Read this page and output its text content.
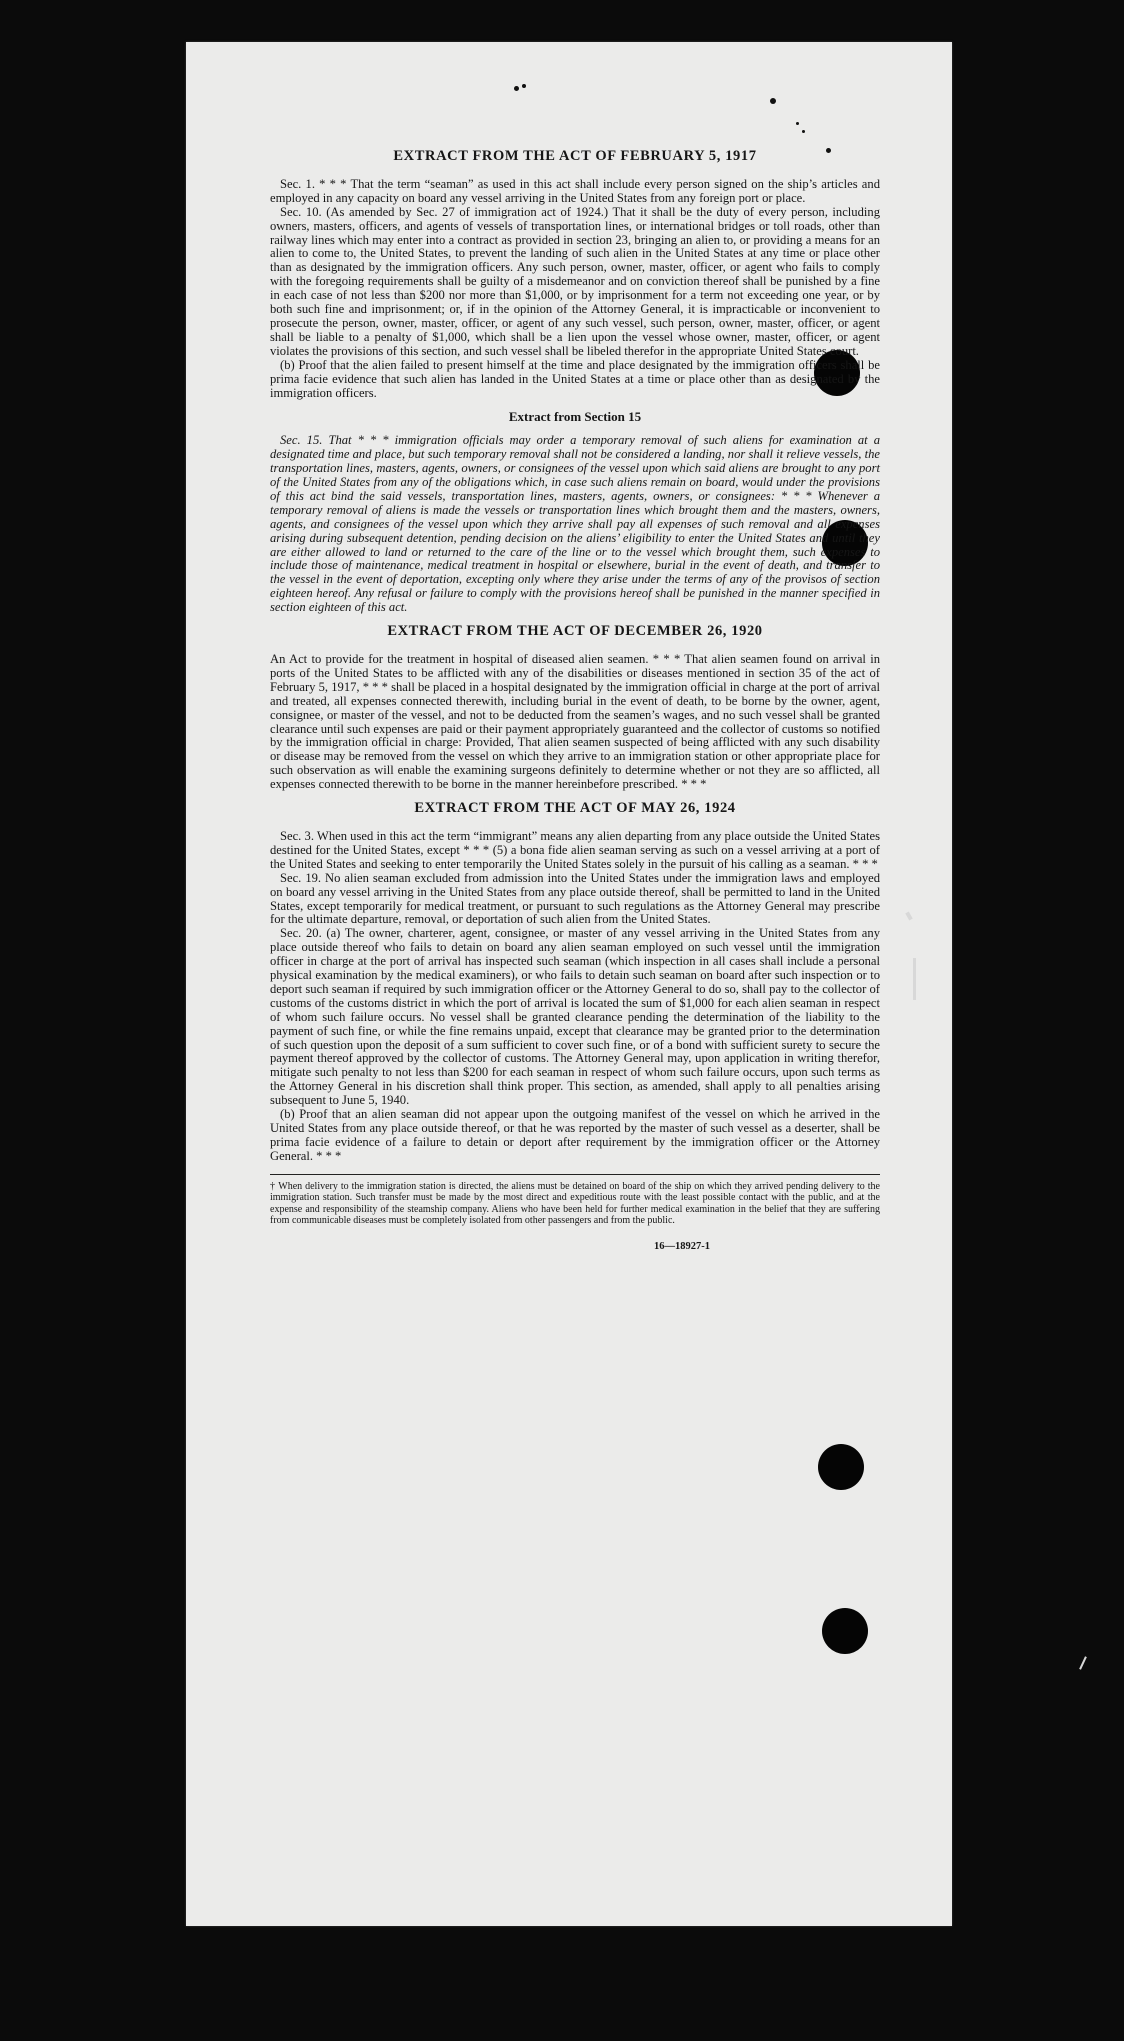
EXTRACT FROM THE ACT OF FEBRUARY 5, 1917

Sec. 1. * * * That the term “seaman” as used in this act shall include every person signed on the ship’s articles and employed in any capacity on board any vessel arriving in the United States from any foreign port or place.

Sec. 10. (As amended by Sec. 27 of immigration act of 1924.) That it shall be the duty of every person, including owners, masters, officers, and agents of vessels of transportation lines, or international bridges or toll roads, other than railway lines which may enter into a contract as provided in section 23, bringing an alien to, or providing a means for an alien to come to, the United States, to prevent the landing of such alien in the United States at any time or place other than as designated by the immigration officers. Any such person, owner, master, officer, or agent who fails to comply with the foregoing requirements shall be guilty of a misdemeanor and on conviction thereof shall be punished by a fine in each case of not less than $200 nor more than $1,000, or by imprisonment for a term not exceeding one year, or by both such fine and imprisonment; or, if in the opinion of the Attorney General, it is impracticable or inconvenient to prosecute the person, owner, master, officer, or agent of any such vessel, such person, owner, master, officer, or agent shall be liable to a penalty of $1,000, which shall be a lien upon the vessel whose owner, master, officer, or agent violates the provisions of this section, and such vessel shall be libeled therefor in the appropriate United States court.

(b) Proof that the alien failed to present himself at the time and place designated by the immigration officers shall be prima facie evidence that such alien has landed in the United States at a time or place other than as designated by the immigration officers.

Extract from Section 15

Sec. 15. That * * * immigration officials may order a temporary removal of such aliens for examination at a designated time and place, but such temporary removal shall not be considered a landing, nor shall it relieve vessels, the transportation lines, masters, agents, owners, or consignees of the vessel upon which said aliens are brought to any port of the United States from any of the obligations which, in case such aliens remain on board, would under the provisions of this act bind the said vessels, transportation lines, masters, agents, owners, or consignees: * * * Whenever a temporary removal of aliens is made the vessels or transportation lines which brought them and the masters, owners, agents, and consignees of the vessel upon which they arrive shall pay all expenses of such removal and all expenses arising during subsequent detention, pending decision on the aliens’ eligibility to enter the United States and until they are either allowed to land or returned to the care of the line or to the vessel which brought them, such expenses to include those of maintenance, medical treatment in hospital or elsewhere, burial in the event of death, and transfer to the vessel in the event of deportation, excepting only where they arise under the terms of any of the provisos of section eighteen hereof. Any refusal or failure to comply with the provisions hereof shall be punished in the manner specified in section eighteen of this act.

EXTRACT FROM THE ACT OF DECEMBER 26, 1920

An Act to provide for the treatment in hospital of diseased alien seamen. * * * That alien seamen found on arrival in ports of the United States to be afflicted with any of the disabilities or diseases mentioned in section 35 of the act of February 5, 1917, * * * shall be placed in a hospital designated by the immigration official in charge at the port of arrival and treated, all expenses connected therewith, including burial in the event of death, to be borne by the owner, agent, consignee, or master of the vessel, and not to be deducted from the seamen’s wages, and no such vessel shall be granted clearance until such expenses are paid or their payment appropriately guaranteed and the collector of customs so notified by the immigration official in charge: Provided, That alien seamen suspected of being afflicted with any such disability or disease may be removed from the vessel on which they arrive to an immigration station or other appropriate place for such observation as will enable the examining surgeons definitely to determine whether or not they are so afflicted, all expenses connected therewith to be borne in the manner hereinbefore prescribed. * * *

EXTRACT FROM THE ACT OF MAY 26, 1924

Sec. 3. When used in this act the term “immigrant” means any alien departing from any place outside the United States destined for the United States, except * * * (5) a bona fide alien seaman serving as such on a vessel arriving at a port of the United States and seeking to enter temporarily the United States solely in the pursuit of his calling as a seaman. * * *

Sec. 19. No alien seaman excluded from admission into the United States under the immigration laws and employed on board any vessel arriving in the United States from any place outside thereof, shall be permitted to land in the United States, except temporarily for medical treatment, or pursuant to such regulations as the Attorney General may prescribe for the ultimate departure, removal, or deportation of such alien from the United States.

Sec. 20. (a) The owner, charterer, agent, consignee, or master of any vessel arriving in the United States from any place outside thereof who fails to detain on board any alien seaman employed on such vessel until the immigration officer in charge at the port of arrival has inspected such seaman (which inspection in all cases shall include a personal physical examination by the medical examiners), or who fails to detain such seaman on board after such inspection or to deport such seaman if required by such immigration officer or the Attorney General to do so, shall pay to the collector of customs of the customs district in which the port of arrival is located the sum of $1,000 for each alien seaman in respect of whom such failure occurs. No vessel shall be granted clearance pending the determination of the liability to the payment of such fine, or while the fine remains unpaid, except that clearance may be granted prior to the determination of such question upon the deposit of a sum sufficient to cover such fine, or of a bond with sufficient surety to secure the payment thereof approved by the collector of customs. The Attorney General may, upon application in writing therefor, mitigate such penalty to not less than $200 for each seaman in respect of whom such failure occurs, upon such terms as the Attorney General in his discretion shall think proper. This section, as amended, shall apply to all penalties arising subsequent to June 5, 1940.

(b) Proof that an alien seaman did not appear upon the outgoing manifest of the vessel on which he arrived in the United States from any place outside thereof, or that he was reported by the master of such vessel as a deserter, shall be prima facie evidence of a failure to detain or deport after requirement by the immigration officer or the Attorney General. * * *

† When delivery to the immigration station is directed, the aliens must be detained on board of the ship on which they arrived pending delivery to the immigration station. Such transfer must be made by the most direct and expeditious route with the least possible contact with the public, and at the expense and responsibility of the steamship company. Aliens who have been held for further medical examination in the belief that they are suffering from communicable diseases must be completely isolated from other passengers and from the public.
16—18927-1
